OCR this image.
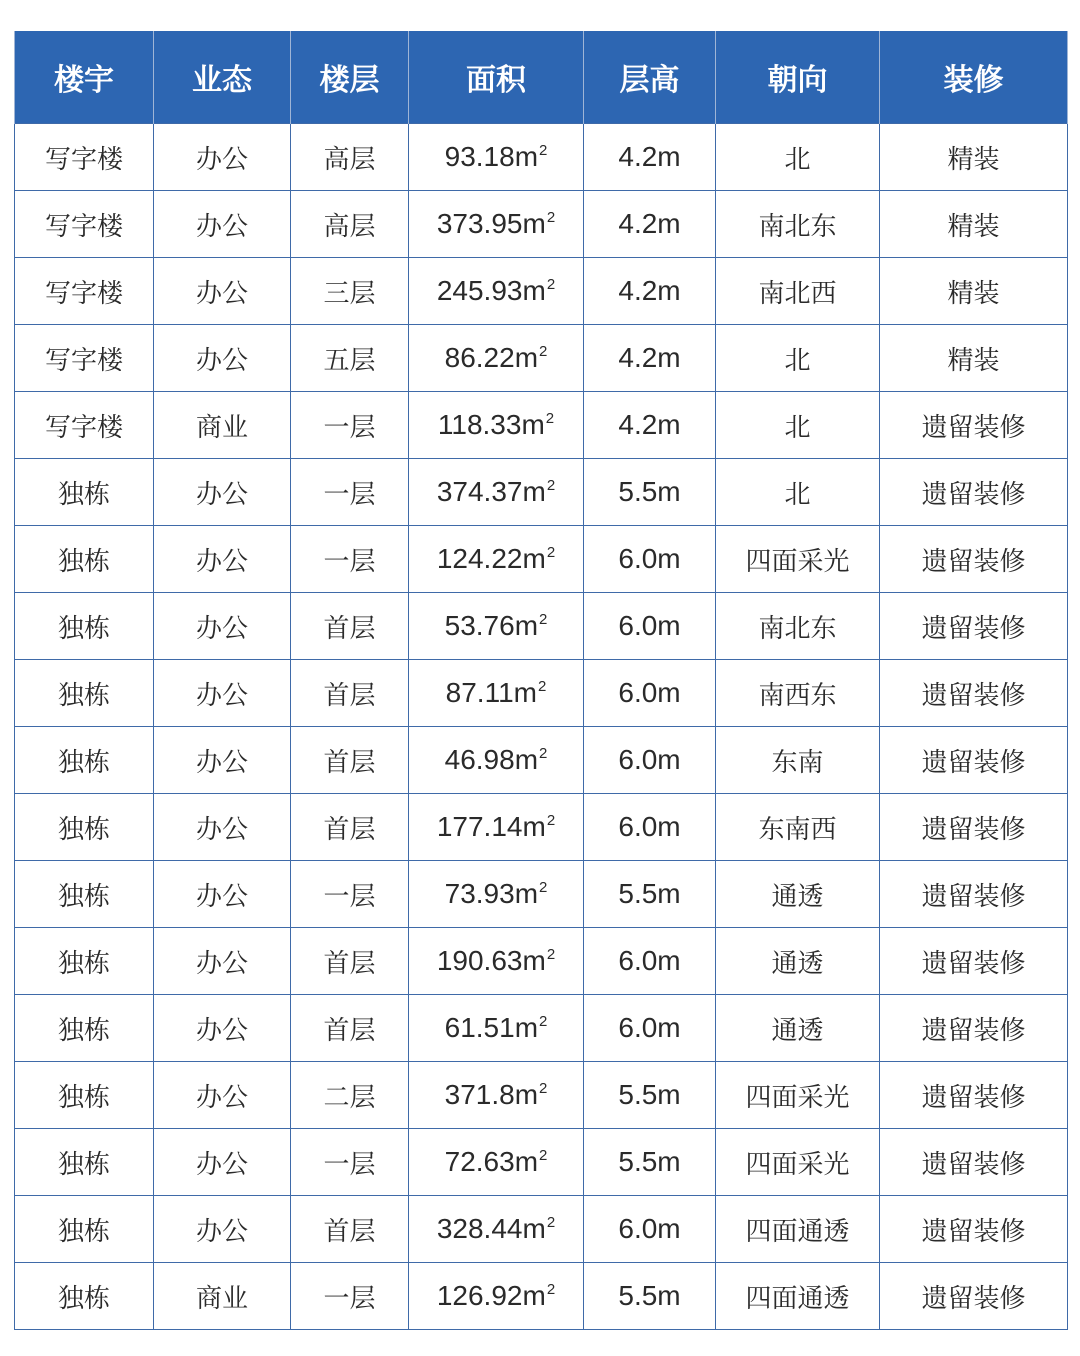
楼宇	业态	楼层	面积	层高	朝向	装修
写字楼	办公	高层	$93.18m^2$	4.2m	北	精装
写字楼	办公	高层	$373.95m^2$	4.2m	南北东	精装
写字楼	办公	三层	$245.93m^2$	4.2m	南北西	精装
写字楼	办公	五层	$86.22m^2$	4.2m	北	精装
写字楼	商业	一层	$118.33m^2$	4.2m	北	遗留装修
独栋	办公	一层	$374.37m^2$	5.5m	北	遗留装修
独栋	办公	一层	$124.22m^2$	6.0m	四面采光	遗留装修
独栋	办公	首层	$53.76m^2$	6.0m	南北东	遗留装修
独栋	办公	首层	$87.11m^2$	6.0m	南西东	遗留装修
独栋	办公	首层	$46.98m^2$	6.0m	东南	遗留装修
独栋	办公	首层	$177.14m^2$	6.0m	东南西	遗留装修
独栋	办公	一层	$73.93m^2$	5.5m	通透	遗留装修
独栋	办公	首层	$190.63m^2$	6.0m	通透	遗留装修
独栋	办公	首层	$61.51m^2$	6.0m	通透	遗留装修
独栋	办公	二层	$371.8m^2$	5.5m	四面采光	遗留装修
独栋	办公	一层	$72.63m^2$	5.5m	四面采光	遗留装修
独栋	办公	首层	$328.44m^2$	6.0m	四面通透	遗留装修
独栋	商业	一层	$126.92m^2$	5.5m	四面通透	遗留装修
